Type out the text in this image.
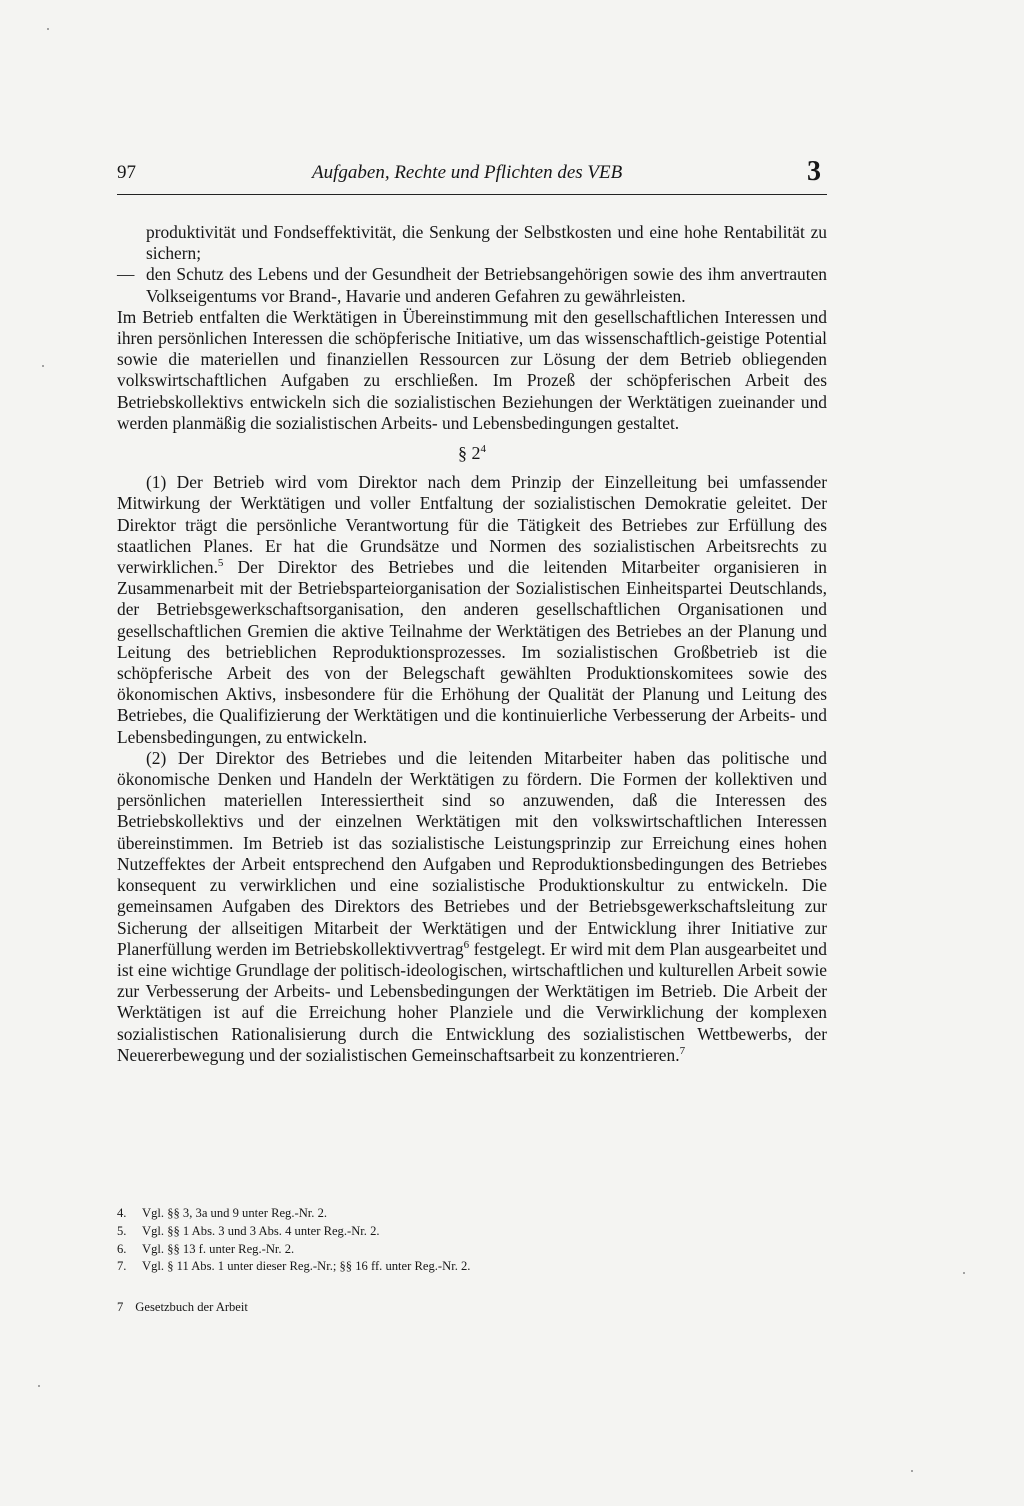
97	Aufgaben, Rechte und Pflichten des VEB	3

produktivität und Fondseffektivität, die Senkung der Selbstkosten und eine hohe Rentabilität zu sichern;

— den Schutz des Lebens und der Gesundheit der Betriebsangehörigen sowie des ihm anvertrauten Volkseigentums vor Brand-, Havarie und anderen Gefahren zu gewährleisten.

Im Betrieb entfalten die Werktätigen in Übereinstimmung mit den gesellschaftlichen Interessen und ihren persönlichen Interessen die schöpferische Initiative, um das wissenschaftlich-geistige Potential sowie die materiellen und finanziellen Ressourcen zur Lösung der dem Betrieb obliegenden volkswirtschaftlichen Aufgaben zu erschließen. Im Prozeß der schöpferischen Arbeit des Betriebskollektivs entwickeln sich die sozialistischen Beziehungen der Werktätigen zueinander und werden planmäßig die sozialistischen Arbeits- und Lebensbedingungen gestaltet.

§ $2^4$

(1) Der Betrieb wird vom Direktor nach dem Prinzip der Einzelleitung bei umfassender Mitwirkung der Werktätigen und voller Entfaltung der sozialistischen Demokratie geleitet. Der Direktor trägt die persönliche Verantwortung für die Tätigkeit des Betriebes zur Erfüllung des staatlichen Planes. Er hat die Grundsätze und Normen des sozialistischen Arbeitsrechts zu verwirklichen.$^5$ Der Direktor des Betriebes und die leitenden Mitarbeiter organisieren in Zusammenarbeit mit der Betriebsparteiorganisation der Sozialistischen Einheitspartei Deutschlands, der Betriebsgewerkschaftsorganisation, den anderen gesellschaftlichen Organisationen und gesellschaftlichen Gremien die aktive Teilnahme der Werktätigen des Betriebes an der Planung und Leitung des betrieblichen Reproduktionsprozesses. Im sozialistischen Großbetrieb ist die schöpferische Arbeit des von der Belegschaft gewählten Produktionskomitees sowie des ökonomischen Aktivs, insbesondere für die Erhöhung der Qualität der Planung und Leitung des Betriebes, die Qualifizierung der Werktätigen und die kontinuierliche Verbesserung der Arbeits- und Lebensbedingungen, zu entwickeln.

(2) Der Direktor des Betriebes und die leitenden Mitarbeiter haben das politische und ökonomische Denken und Handeln der Werktätigen zu fördern. Die Formen der kollektiven und persönlichen materiellen Interessiertheit sind so anzuwenden, daß die Interessen des Betriebskollektivs und der einzelnen Werktätigen mit den volkswirtschaftlichen Interessen übereinstimmen. Im Betrieb ist das sozialistische Leistungsprinzip zur Erreichung eines hohen Nutzeffektes der Arbeit entsprechend den Aufgaben und Reproduktionsbedingungen des Betriebes konsequent zu verwirklichen und eine sozialistische Produktionskultur zu entwickeln. Die gemeinsamen Aufgaben des Direktors des Betriebes und der Betriebsgewerkschaftsleitung zur Sicherung der allseitigen Mitarbeit der Werktätigen und der Entwicklung ihrer Initiative zur Planerfüllung werden im Betriebskollektivvertrag$^6$ festgelegt. Er wird mit dem Plan ausgearbeitet und ist eine wichtige Grundlage der politisch-ideologischen, wirtschaftlichen und kulturellen Arbeit sowie zur Verbesserung der Arbeits- und Lebensbedingungen der Werktätigen im Betrieb. Die Arbeit der Werktätigen ist auf die Erreichung hoher Planziele und die Verwirklichung der komplexen sozialistischen Rationalisierung durch die Entwicklung des sozialistischen Wettbewerbs, der Neuererbewegung und der sozialistischen Gemeinschaftsarbeit zu konzentrieren.$^7$

4. Vgl. §§ 3, 3a und 9 unter Reg.-Nr. 2.
5. Vgl. §§ 1 Abs. 3 und 3 Abs. 4 unter Reg.-Nr. 2.
6. Vgl. §§ 13 f. unter Reg.-Nr. 2.
7. Vgl. § 11 Abs. 1 unter dieser Reg.-Nr.; §§ 16 ff. unter Reg.-Nr. 2.
7 Gesetzbuch der Arbeit
